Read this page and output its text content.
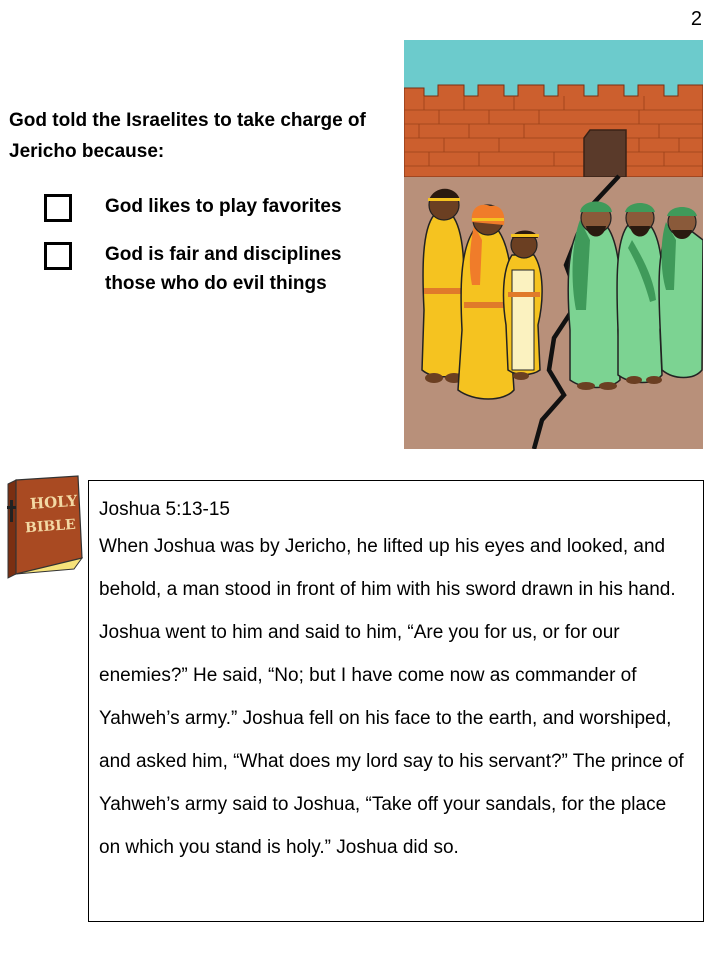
2
God told the Israelites to take charge of Jericho because:
God likes to play favorites
God is fair and disciplines those who do evil things
HOLY
BIBLE
Joshua 5:13-15
When Joshua was by Jericho, he lifted up his eyes and looked, and behold, a man stood in front of him with his sword drawn in his hand. Joshua went to him and said to him, “Are you for us, or for our enemies?” He said, “No; but I have come now as commander of Yahweh’s army.” Joshua fell on his face to the earth, and worshiped, and asked him, “What does my lord say to his servant?” The prince of Yahweh’s army said to Joshua, “Take off your sandals, for the place on which you stand is holy.” Joshua did so.
